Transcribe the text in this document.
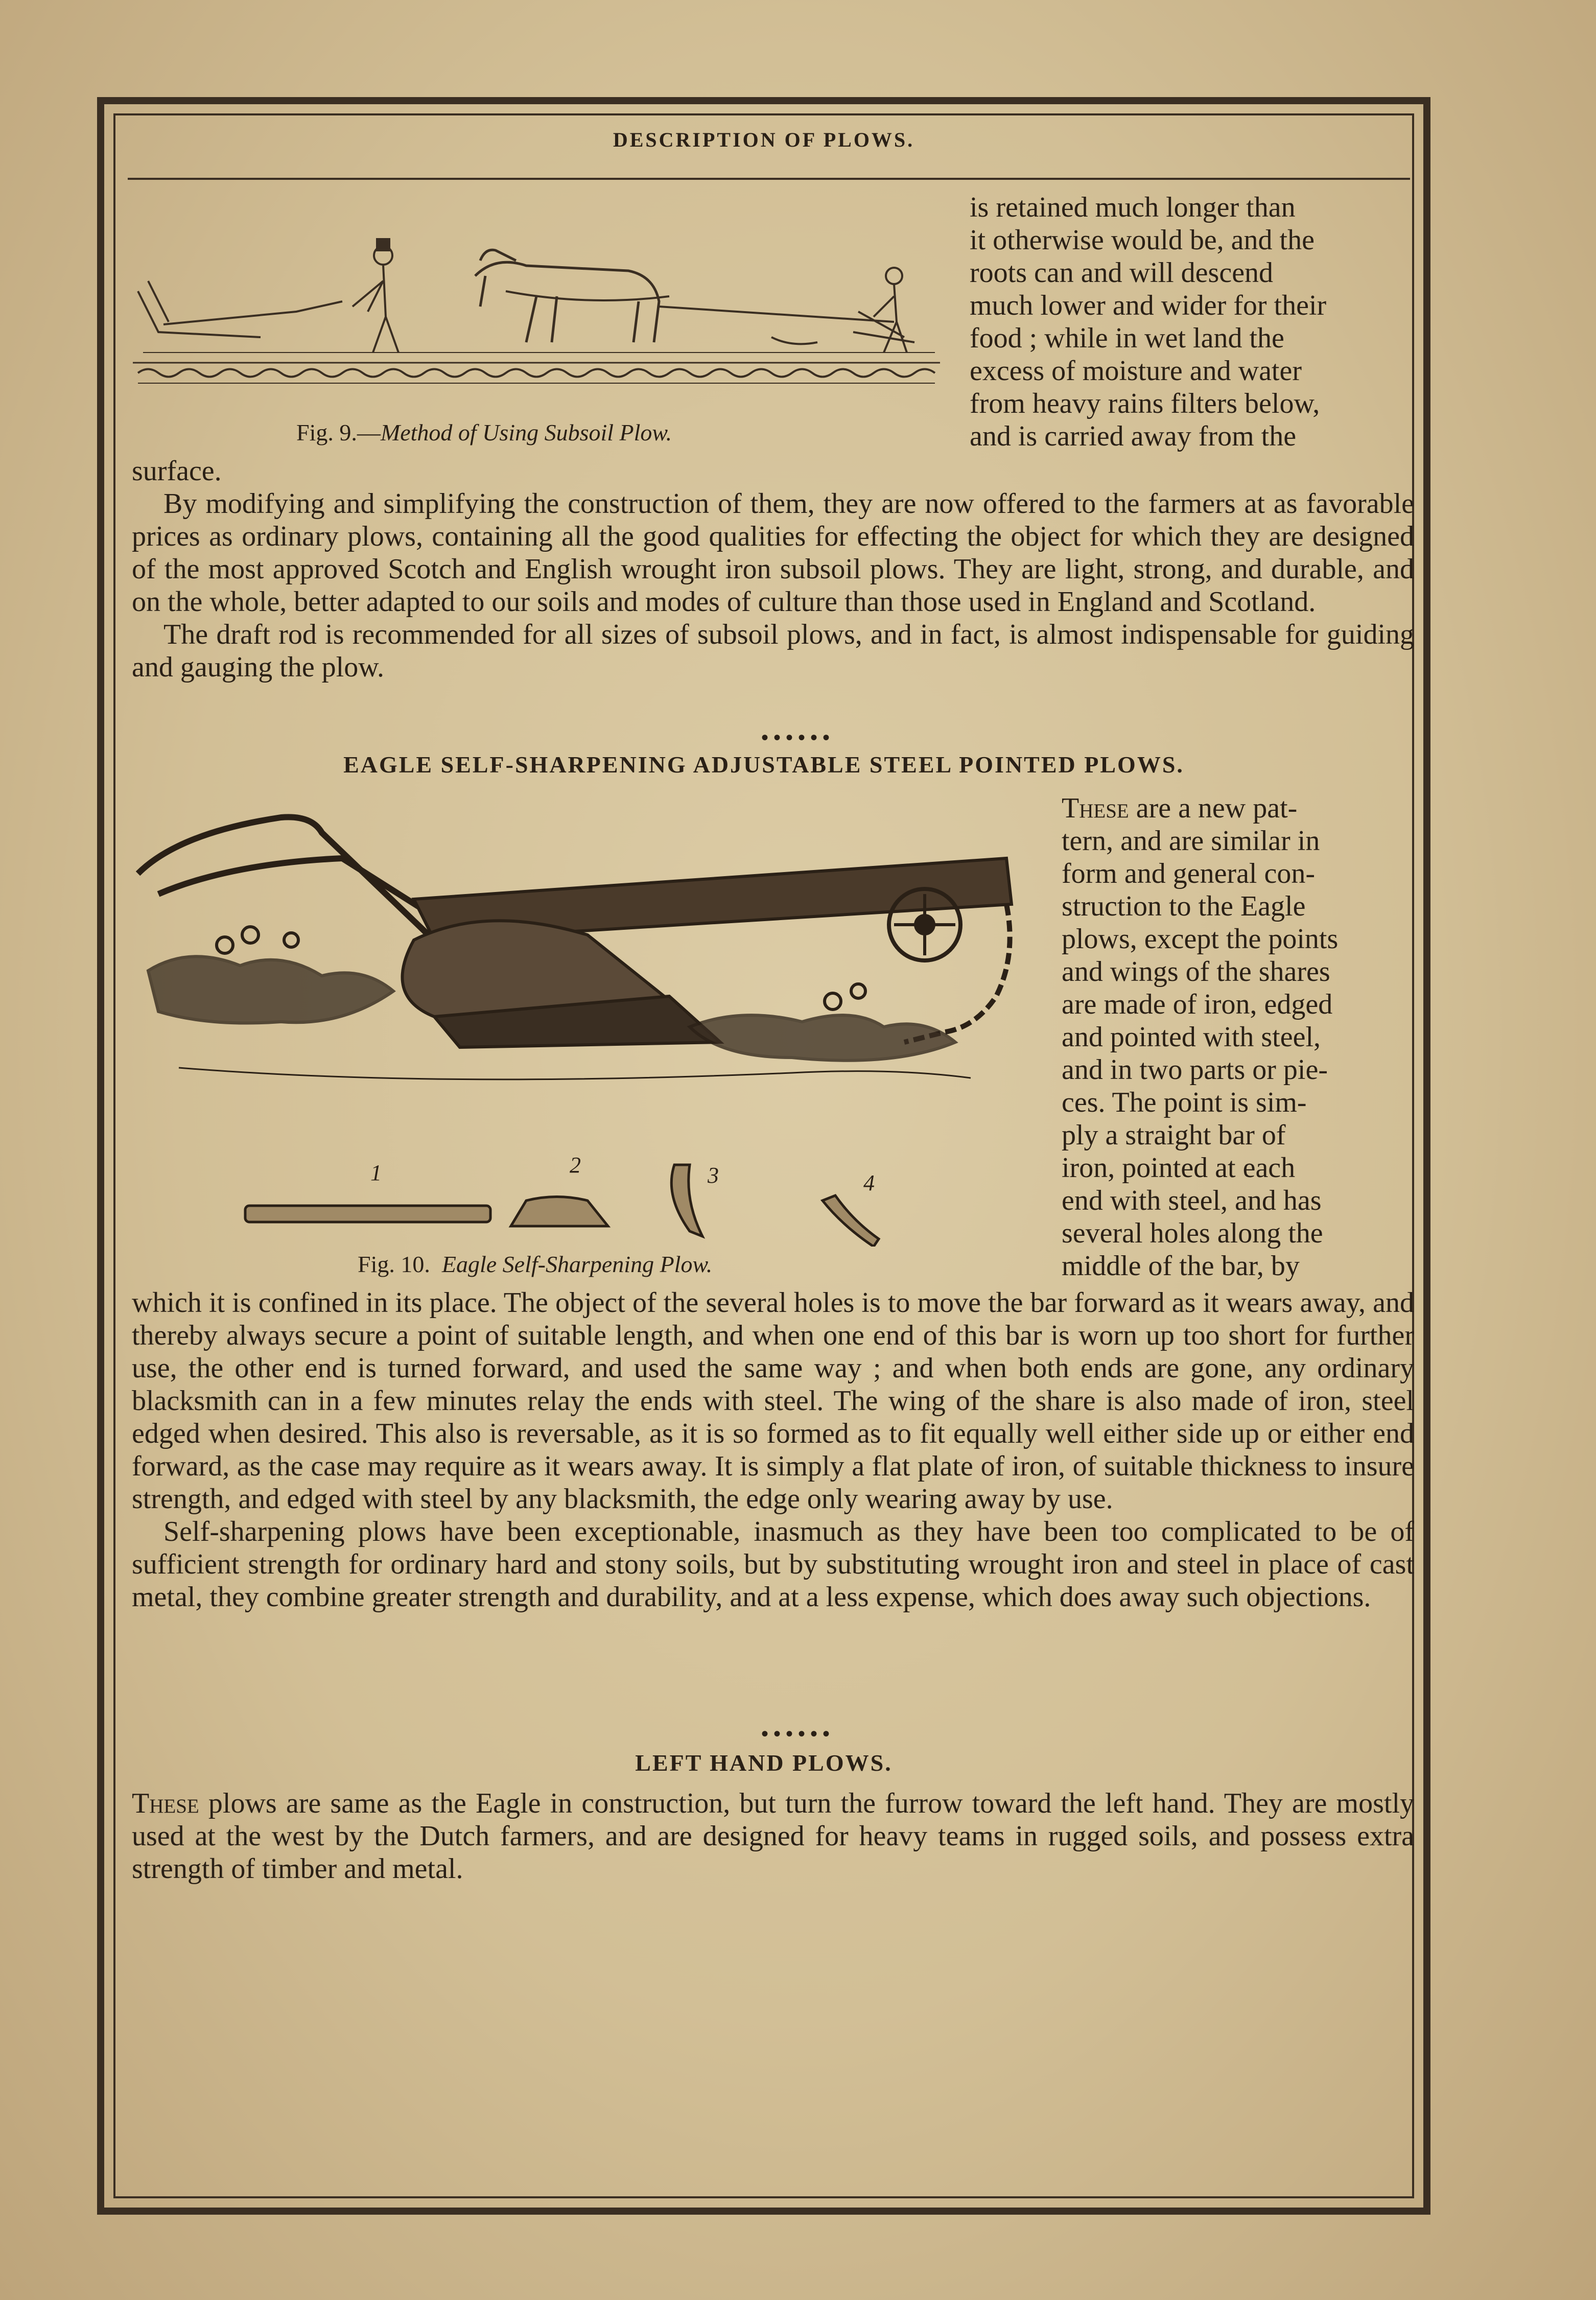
DESCRIPTION OF PLOWS.
Fig. 9.—Method of Using Subsoil Plow.

is retained much longer than

it otherwise would be, and the

roots can and will descend

much lower and wider for their

food ; while in wet land the

excess of moisture and water

from heavy rains filters below,

and is carried away from the

surface.

By modifying and simplifying the construction of them, they are now offered to the farmers at as favorable prices as ordinary plows, containing all the good qualities for effecting the object for which they are designed of the most approved Scotch and English wrought iron subsoil plows. They are light, strong, and durable, and on the whole, better adapted to our soils and modes of culture than those used in England and Scotland.

The draft rod is recommended for all sizes of subsoil plows, and in fact, is almost indispensable for guiding and gauging the plow.

••••••
EAGLE SELF-SHARPENING ADJUSTABLE STEEL POINTED PLOWS.
1	2	3	4
Fig. 10. Eagle Self-Sharpening Plow.

These are a new pat-

tern, and are similar in

form and general con-

struction to the Eagle

plows, except the points

and wings of the shares

are made of iron, edged

and pointed with steel,

and in two parts or pie-

ces. The point is sim-

ply a straight bar of

iron, pointed at each

end with steel, and has

several holes along the

middle of the bar, by

which it is confined in its place. The object of the several holes is to move the bar forward as it wears away, and thereby always secure a point of suitable length, and when one end of this bar is worn up too short for further use, the other end is turned forward, and used the same way ; and when both ends are gone, any ordinary blacksmith can in a few minutes relay the ends with steel. The wing of the share is also made of iron, steel edged when desired. This also is reversable, as it is so formed as to fit equally well either side up or either end forward, as the case may require as it wears away. It is simply a flat plate of iron, of suitable thickness to insure strength, and edged with steel by any blacksmith, the edge only wearing away by use.

Self-sharpening plows have been exceptionable, inasmuch as they have been too complicated to be of sufficient strength for ordinary hard and stony soils, but by substituting wrought iron and steel in place of cast metal, they combine greater strength and durability, and at a less expense, which does away such objections.

••••••
LEFT HAND PLOWS.

These plows are same as the Eagle in construction, but turn the furrow toward the left hand. They are mostly used at the west by the Dutch farmers, and are designed for heavy teams in rugged soils, and possess extra strength of timber and metal.
